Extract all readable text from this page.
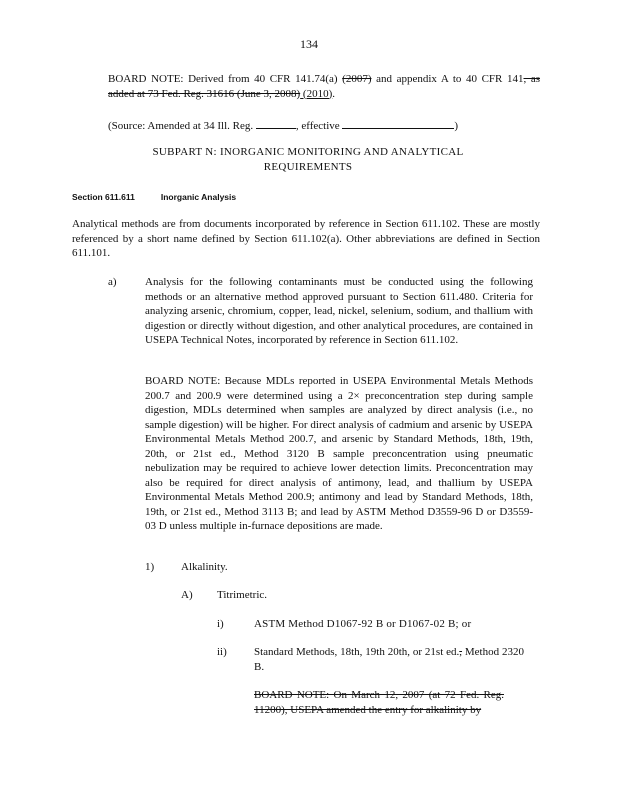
134
BOARD NOTE: Derived from 40 CFR 141.74(a) (2007) and appendix A to 40 CFR 141, as added at 73 Fed. Reg. 31616 (June 3, 2008) (2010).
(Source: Amended at 34 Ill. Reg.	, effective	)
SUBPART N: INORGANIC MONITORING AND ANALYTICAL
REQUIREMENTS
Section 611.611	Inorganic Analysis
Analytical methods are from documents incorporated by reference in Section 611.102. These are mostly referenced by a short name defined by Section 611.102(a). Other abbreviations are defined in Section 611.101.
a)	Analysis for the following contaminants must be conducted using the following methods or an alternative method approved pursuant to Section 611.480. Criteria for analyzing arsenic, chromium, copper, lead, nickel, selenium, sodium, and thallium with digestion or directly without digestion, and other analytical procedures, are contained in USEPA Technical Notes, incorporated by reference in Section 611.102.
BOARD NOTE: Because MDLs reported in USEPA Environmental Metals Methods 200.7 and 200.9 were determined using a 2× preconcentration step during sample digestion, MDLs determined when samples are analyzed by direct analysis (i.e., no sample digestion) will be higher. For direct analysis of cadmium and arsenic by USEPA Environmental Metals Method 200.7, and arsenic by Standard Methods, 18th, 19th, 20th, or 21st ed., Method 3120 B sample preconcentration using pneumatic nebulization may be required to achieve lower detection limits. Preconcentration may also be required for direct analysis of antimony, lead, and thallium by USEPA Environmental Metals Method 200.9; antimony and lead by Standard Methods, 18th, 19th, or 21st ed., Method 3113 B; and lead by ASTM Method D3559-96 D or D3559-03 D unless multiple in-furnace depositions are made.
1) Alkalinity.
A) Titrimetric.
i)	ASTM Method D1067-92 B or D1067-02 B; or
ii) Standard Methods, 18th, 19th 20th, or 21st ed., Method 2320 B.
BOARD NOTE: On March 12, 2007 (at 72 Fed. Reg. 11200), USEPA amended the entry for alkalinity by
